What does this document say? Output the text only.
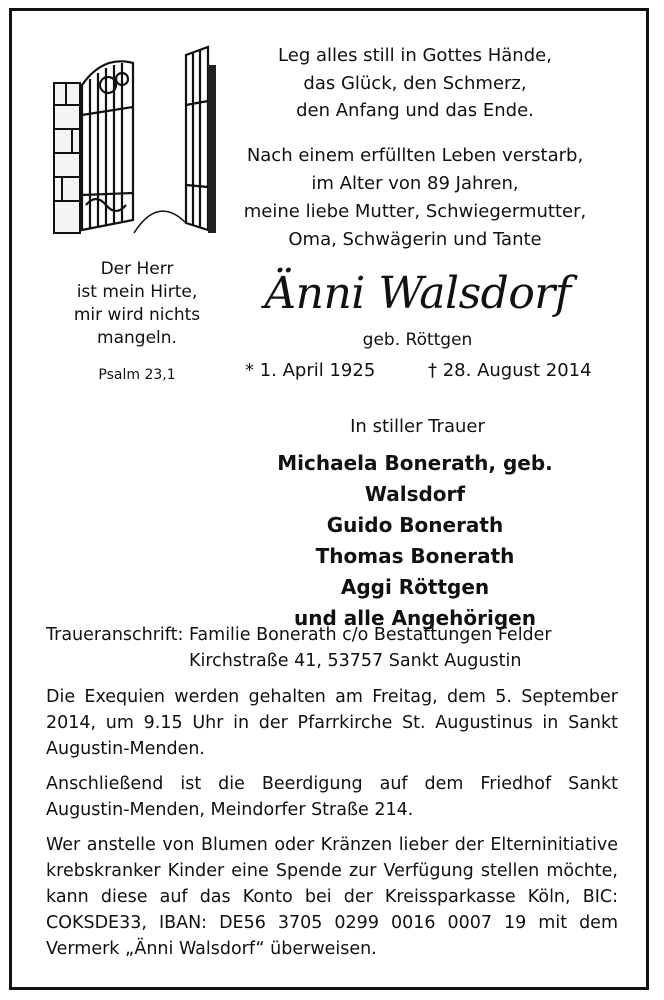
Leg alles still in Gottes Hände,
das Glück, den Schmerz,
den Anfang und das Ende.
Nach einem erfüllten Leben verstarb,
im Alter von 89 Jahren,
meine liebe Mutter, Schwiegermutter,
Oma, Schwägerin und Tante
Der Herr
ist mein Hirte,
mir wird nichts
mangeln.
Psalm 23,1
Änni Walsdorf
geb. Röttgen
* 1. April 1925	† 28. August 2014
In stiller Trauer
Michaela Bonerath, geb. Walsdorf
Guido Bonerath
Thomas Bonerath
Aggi Röttgen
und alle Angehörigen
Traueranschrift: Familie Bonerath c/o Bestattungen Felder
Kirchstraße 41, 53757 Sankt Augustin

Die Exequien werden gehalten am Freitag, dem 5. September 2014, um 9.15 Uhr in der Pfarrkirche St. Augustinus in Sankt Augustin-Menden.

Anschließend ist die Beerdigung auf dem Friedhof Sankt Augustin-Menden, Meindorfer Straße 214.

Wer anstelle von Blumen oder Kränzen lieber der Elterninitiative krebskranker Kinder eine Spende zur Verfügung stellen möchte, kann diese auf das Konto bei der Kreissparkasse Köln, BIC: COKSDE33, IBAN: DE56 3705 0299 0016 0007 19 mit dem Vermerk „Änni Walsdorf“ überweisen.
